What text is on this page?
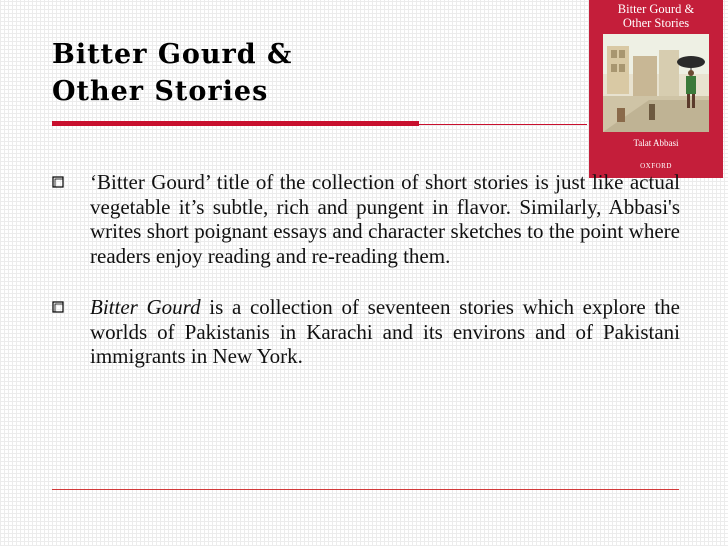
Bitter Gourd &
Other Stories
Bitter Gourd &
Other Stories
Talat Abbasi
OXFORD
‘Bitter Gourd’ title of the collection of short stories is just like actual vegetable it’s subtle, rich and pungent in flavor. Similarly, Abbasi's writes short poignant essays and character sketches to the point where readers enjoy reading and re-reading them.
Bitter Gourd is a collection of seventeen stories which explore the worlds of Pakistanis in Karachi and its environs and of Pakistani immigrants in New York.
